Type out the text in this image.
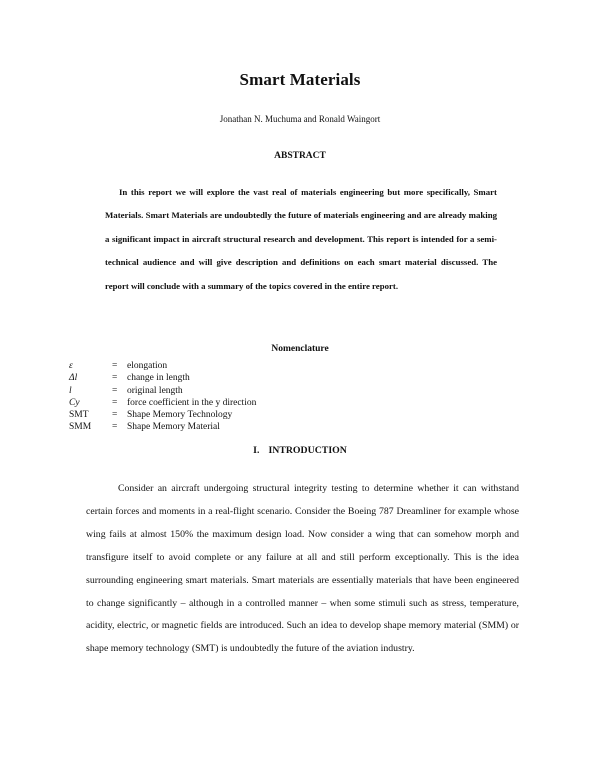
Smart Materials
Jonathan N. Muchuma and Ronald Waingort
ABSTRACT
In this report we will explore the vast real of materials engineering but more specifically, Smart Materials. Smart Materials are undoubtedly the future of materials engineering and are already making a significant impact in aircraft structural research and development. This report is intended for a semi-technical audience and will give description and definitions on each smart material discussed. The report will conclude with a summary of the topics covered in the entire report.
Nomenclature
ε	= elongation
Δl	= change in length
l	= original length
Cy	= force coefficient in the y direction
SMT = Shape Memory Technology
SMM = Shape Memory Material
I. INTRODUCTION
Consider an aircraft undergoing structural integrity testing to determine whether it can withstand certain forces and moments in a real-flight scenario. Consider the Boeing 787 Dreamliner for example whose wing fails at almost 150% the maximum design load. Now consider a wing that can somehow morph and transfigure itself to avoid complete or any failure at all and still perform exceptionally. This is the idea surrounding engineering smart materials. Smart materials are essentially materials that have been engineered to change significantly – although in a controlled manner – when some stimuli such as stress, temperature, acidity, electric, or magnetic fields are introduced. Such an idea to develop shape memory material (SMM) or shape memory technology (SMT) is undoubtedly the future of the aviation industry.
